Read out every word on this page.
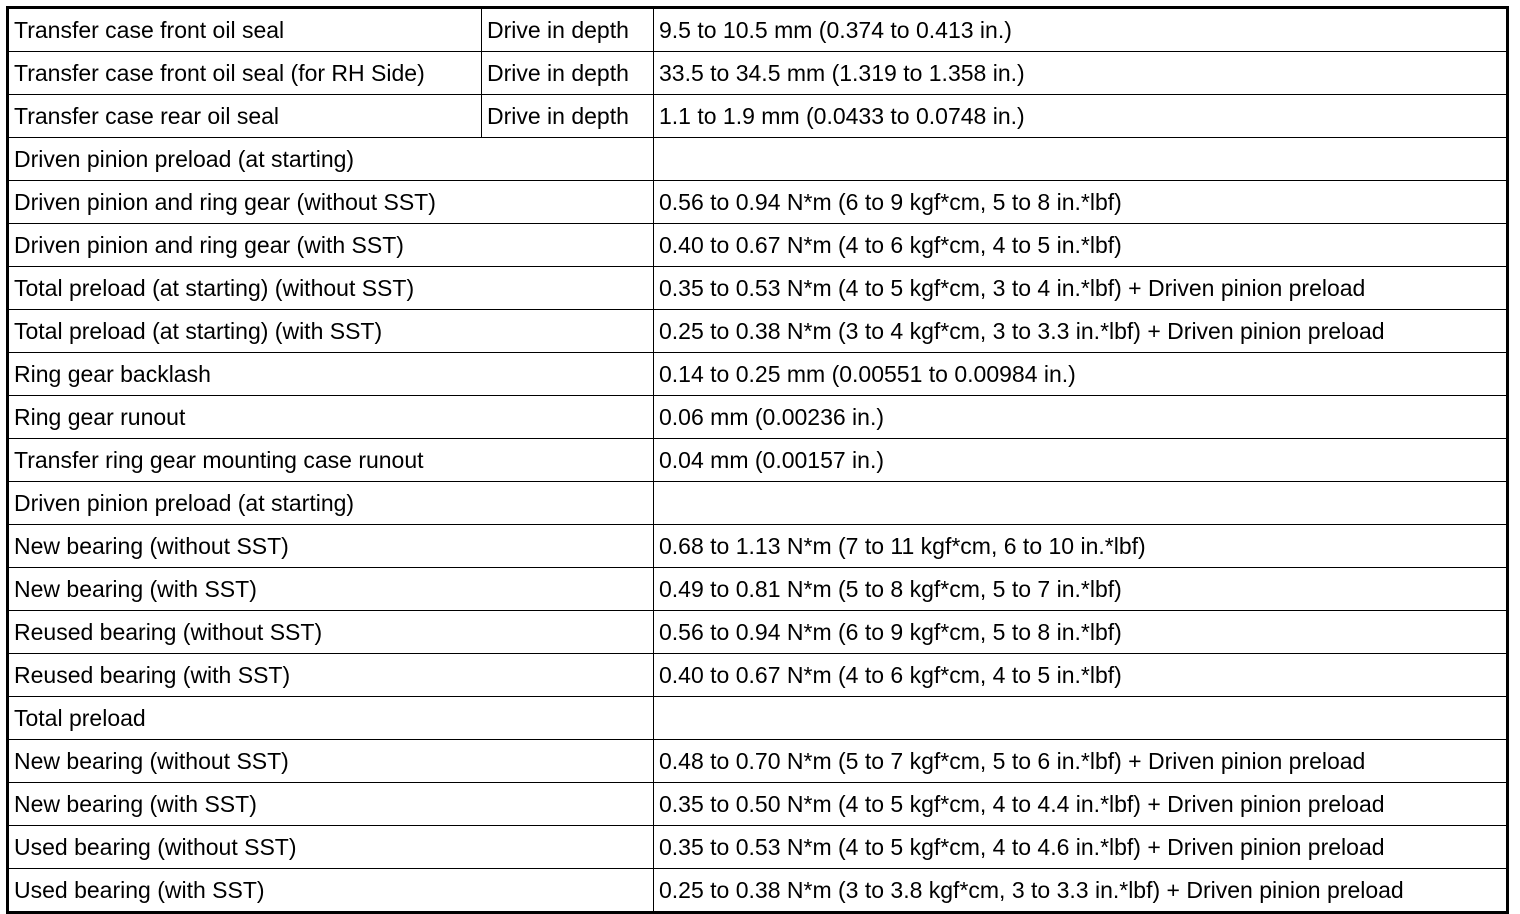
Transfer case front oil seal	Drive in depth	9.5 to 10.5 mm (0.374 to 0.413 in.)
Transfer case front oil seal (for RH Side)	Drive in depth	33.5 to 34.5 mm (1.319 to 1.358 in.)
Transfer case rear oil seal	Drive in depth	1.1 to 1.9 mm (0.0433 to 0.0748 in.)
Driven pinion preload (at starting)		
Driven pinion and ring gear (without SST)		0.56 to 0.94 N*m (6 to 9 kgf*cm, 5 to 8 in.*lbf)
Driven pinion and ring gear (with SST)		0.40 to 0.67 N*m (4 to 6 kgf*cm, 4 to 5 in.*lbf)
Total preload (at starting) (without SST)		0.35 to 0.53 N*m (4 to 5 kgf*cm, 3 to 4 in.*lbf) + Driven pinion preload
Total preload (at starting) (with SST)		0.25 to 0.38 N*m (3 to 4 kgf*cm, 3 to 3.3 in.*lbf) + Driven pinion preload
Ring gear backlash		0.14 to 0.25 mm (0.00551 to 0.00984 in.)
Ring gear runout		0.06 mm (0.00236 in.)
Transfer ring gear mounting case runout		0.04 mm (0.00157 in.)
Driven pinion preload (at starting)		
New bearing (without SST)		0.68 to 1.13 N*m (7 to 11 kgf*cm, 6 to 10 in.*lbf)
New bearing (with SST)		0.49 to 0.81 N*m (5 to 8 kgf*cm, 5 to 7 in.*lbf)
Reused bearing (without SST)		0.56 to 0.94 N*m (6 to 9 kgf*cm, 5 to 8 in.*lbf)
Reused bearing (with SST)		0.40 to 0.67 N*m (4 to 6 kgf*cm, 4 to 5 in.*lbf)
Total preload		
New bearing (without SST)		0.48 to 0.70 N*m (5 to 7 kgf*cm, 5 to 6 in.*lbf) + Driven pinion preload
New bearing (with SST)		0.35 to 0.50 N*m (4 to 5 kgf*cm, 4 to 4.4 in.*lbf) + Driven pinion preload
Used bearing (without SST)		0.35 to 0.53 N*m (4 to 5 kgf*cm, 4 to 4.6 in.*lbf) + Driven pinion preload
Used bearing (with SST)		0.25 to 0.38 N*m (3 to 3.8 kgf*cm, 3 to 3.3 in.*lbf) + Driven pinion preload
